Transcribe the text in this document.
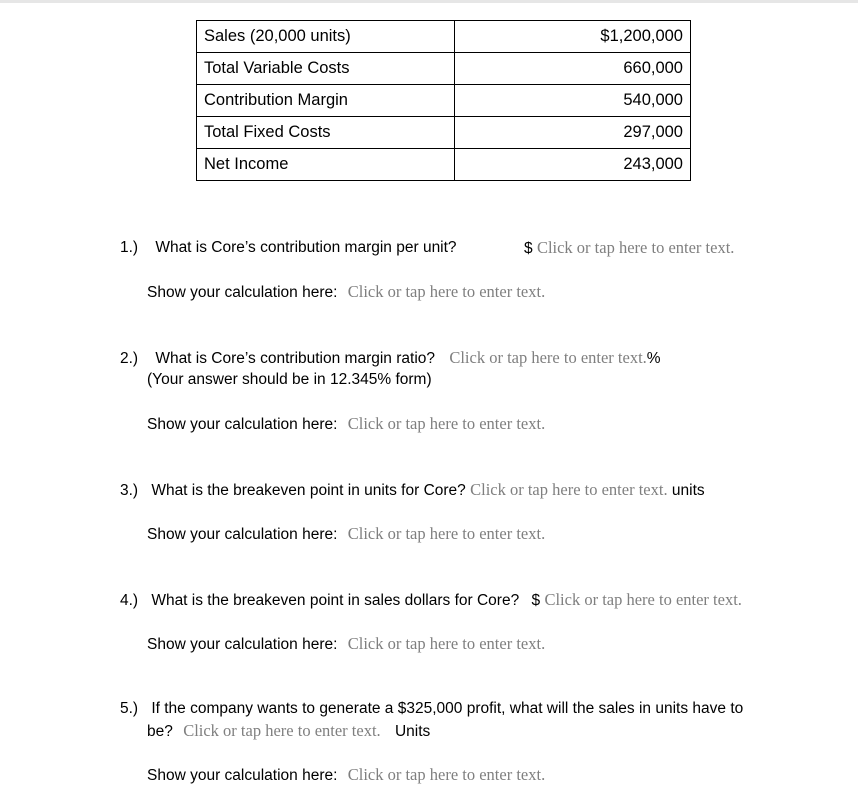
Sales (20,000 units)	$1,200,000
Total Variable Costs	660,000
Contribution Margin	540,000
Total Fixed Costs	297,000
Net Income	243,000
1.) What is Core’s contribution margin per unit?	$ Click or tap here to enter text.
Show your calculation here: Click or tap here to enter text.
2.) What is Core’s contribution margin ratio? Click or tap here to enter text.%
(Your answer should be in 12.345% form)
Show your calculation here: Click or tap here to enter text.
3.) What is the breakeven point in units for Core? Click or tap here to enter text. units
Show your calculation here: Click or tap here to enter text.
4.) What is the breakeven point in sales dollars for Core? $ Click or tap here to enter text.
Show your calculation here: Click or tap here to enter text.
5.) If the company wants to generate a $325,000 profit, what will the sales in units have to
be? Click or tap here to enter text. Units
Show your calculation here: Click or tap here to enter text.
